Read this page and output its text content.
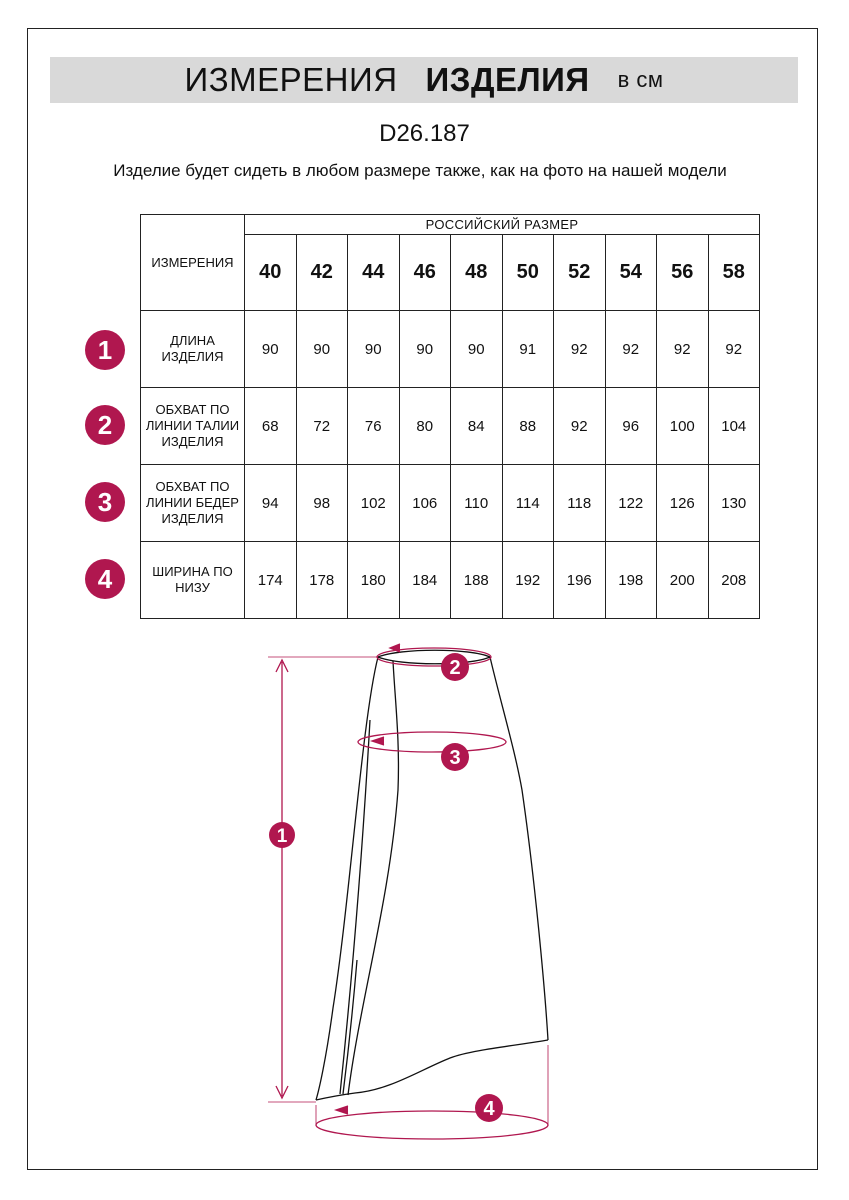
ИЗМЕРЕНИЯ ИЗДЕЛИЯ в см
D26.187
Изделие будет сидеть в любом размере также, как на фото на нашей модели
ИЗМЕРЕНИЯ	РОССИЙСКИЙ РАЗМЕР									
	40	42	44	46	48	50	52	54	56	58
ДЛИНА ИЗДЕЛИЯ	90	90	90	90	90	91	92	92	92	92
ОБХВАТ ПО ЛИНИИ ТАЛИИ ИЗДЕЛИЯ	68	72	76	80	84	88	92	96	100	104
ОБХВАТ ПО ЛИНИИ БЕДЕР ИЗДЕЛИЯ	94	98	102	106	110	114	118	122	126	130
ШИРИНА ПО НИЗУ	174	178	180	184	188	192	196	198	200	208
1
2
3
4
1
2
3
4
